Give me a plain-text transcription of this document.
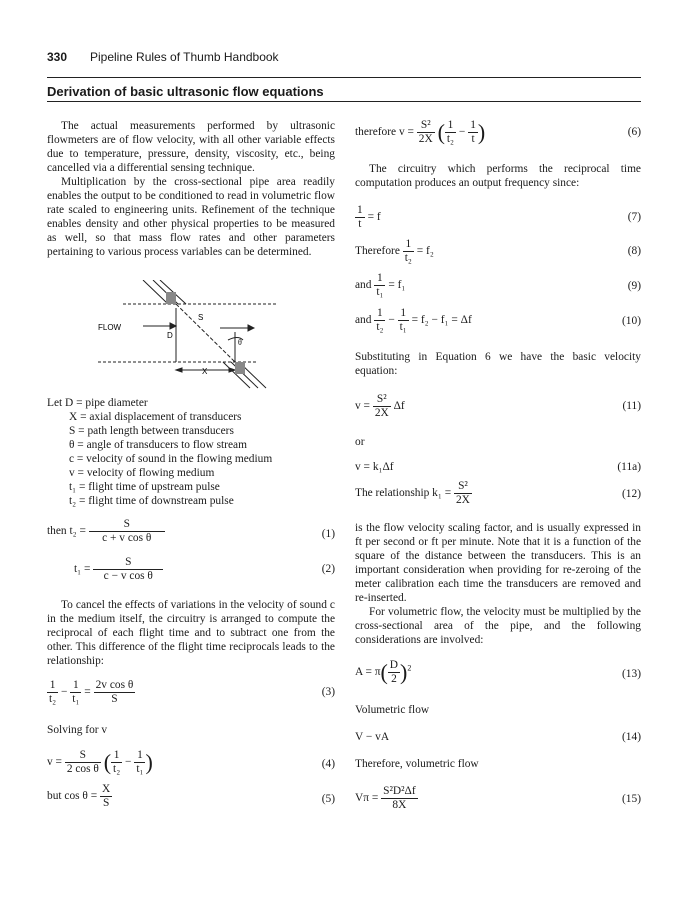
330 Pipeline Rules of Thumb Handbook
Derivation of basic ultrasonic flow equations
The actual measurements performed by ultrasonic flowmeters are of flow velocity, with all other variable effects due to temperature, pressure, density, viscosity, etc., being cancelled via a differential sensing technique.
Multiplication by the cross-sectional pipe area readily enables the output to be conditioned to read in volumetric flow rate scaled to engineering units. Refinement of the technique enables density and other physical properties to be measured as well, so that mass flow rates and other parameters pertaining to various process variables can be determined.
FLOW
D
S
θ
X
Let D = pipe diameter
X = axial displacement of transducers
S = path length between transducers
θ = angle of transducers to flow stream
c = velocity of sound in the flowing medium
v = velocity of flowing medium
t₁ = flight time of upstream pulse
t₂ = flight time of downstream pulse
then $t_2 = \frac{S}{\text{c + v cos θ}}$	(1)
$t_1 = \frac{S}{\text{c − v cos θ}}$	(2)
To cancel the effects of variations in the velocity of sound c in the medium itself, the circuitry is arranged to compute the reciprocal of each flight time and to subtract one from the other. This difference of the flight time reciprocals leads to the relationship:
$\frac{1}{\text{t₂}} - \frac{1}{\text{t₁}} = \frac{\text{2v cos θ}}{S}$	(3)
Solving for v
$v = \frac{S}{\text{2 cos θ}}$ ( $\frac{1}{\text{t₂}} - \frac{1}{\text{t₁}}$ )	(4)
but $\cos \theta = \frac{X}{S}$	(5)
therefore $v = \frac{\text{S²}}{2X}$ ( $\frac{1}{\text{t₂}} - \frac{1}{t}$ )	(6)
The circuitry which performs the reciprocal time computation produces an output frequency since:
$\frac{1}{t} = f$	(7)
Therefore $\frac{1}{\text{t₂}} = f_2$	(8)
and $\frac{1}{\text{t₁}} = f_1$	(9)
and $\frac{1}{\text{t₂}} - \frac{1}{\text{t₁}} = f_2 - f_1 = \Delta f$	(10)
Substituting in Equation 6 we have the basic velocity equation:
$v = \frac{\text{S²}}{2X}$ Δf	(11)
or
v = k₁Δf	(11a)
The relationship $k_1 = \frac{\text{S²}}{2X}$	(12)
is the flow velocity scaling factor, and is usually expressed in ft per second or ft per minute. Note that it is a function of the square of the distance between the transducers. This is an important consideration when providing for re-zeroing of the meter calibration each time the transducers are removed and re-inserted.
For volumetric flow, the velocity must be multiplied by the cross-sectional area of the pipe, and the following considerations are involved:
$A = \pi( \frac{D}{2} )^2$
(13)
Volumetric flow
V − vA	(14)
Therefore, volumetric flow
$V\pi = \frac{\text{S²D²Δf}}{8X}$	(15)
